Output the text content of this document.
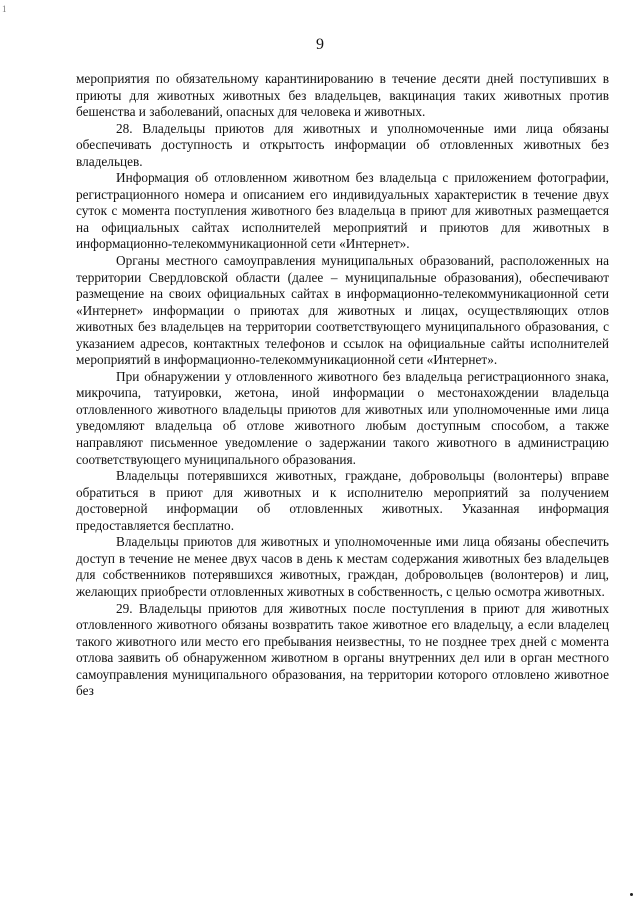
1
9

мероприятия по обязательному карантинированию в течение десяти дней поступивших в приюты для животных животных без владельцев, вакцинация таких животных против бешенства и заболеваний, опасных для человека и животных.

28. Владельцы приютов для животных и уполномоченные ими лица обязаны обеспечивать доступность и открытость информации об отловленных животных без владельцев.

Информация об отловленном животном без владельца с приложением фотографии, регистрационного номера и описанием его индивидуальных характеристик в течение двух суток с момента поступления животного без владельца в приют для животных размещается на официальных сайтах исполнителей мероприятий и приютов для животных в информационно-телекоммуникационной сети «Интернет».

Органы местного самоуправления муниципальных образований, расположенных на территории Свердловской области (далее – муниципальные образования), обеспечивают размещение на своих официальных сайтах в информационно-телекоммуникационной сети «Интернет» информации о приютах для животных и лицах, осуществляющих отлов животных без владельцев на территории соответствующего муниципального образования, с указанием адресов, контактных телефонов и ссылок на официальные сайты исполнителей мероприятий в информационно-телекоммуникационной сети «Интернет».

При обнаружении у отловленного животного без владельца регистрационного знака, микрочипа, татуировки, жетона, иной информации о местонахождении владельца отловленного животного владельцы приютов для животных или уполномоченные ими лица уведомляют владельца об отлове животного любым доступным способом, а также направляют письменное уведомление о задержании такого животного в администрацию соответствующего муниципального образования.

Владельцы потерявшихся животных, граждане, добровольцы (волонтеры) вправе обратиться в приют для животных и к исполнителю мероприятий за получением достоверной информации об отловленных животных. Указанная информация предоставляется бесплатно.

Владельцы приютов для животных и уполномоченные ими лица обязаны обеспечить доступ в течение не менее двух часов в день к местам содержания животных без владельцев для собственников потерявшихся животных, граждан, добровольцев (волонтеров) и лиц, желающих приобрести отловленных животных в собственность, с целью осмотра животных.

29. Владельцы приютов для животных после поступления в приют для животных отловленного животного обязаны возвратить такое животное его владельцу, а если владелец такого животного или место его пребывания неизвестны, то не позднее трех дней с момента отлова заявить об обнаруженном животном в органы внутренних дел или в орган местного самоуправления муниципального образования, на территории которого отловлено животное без
